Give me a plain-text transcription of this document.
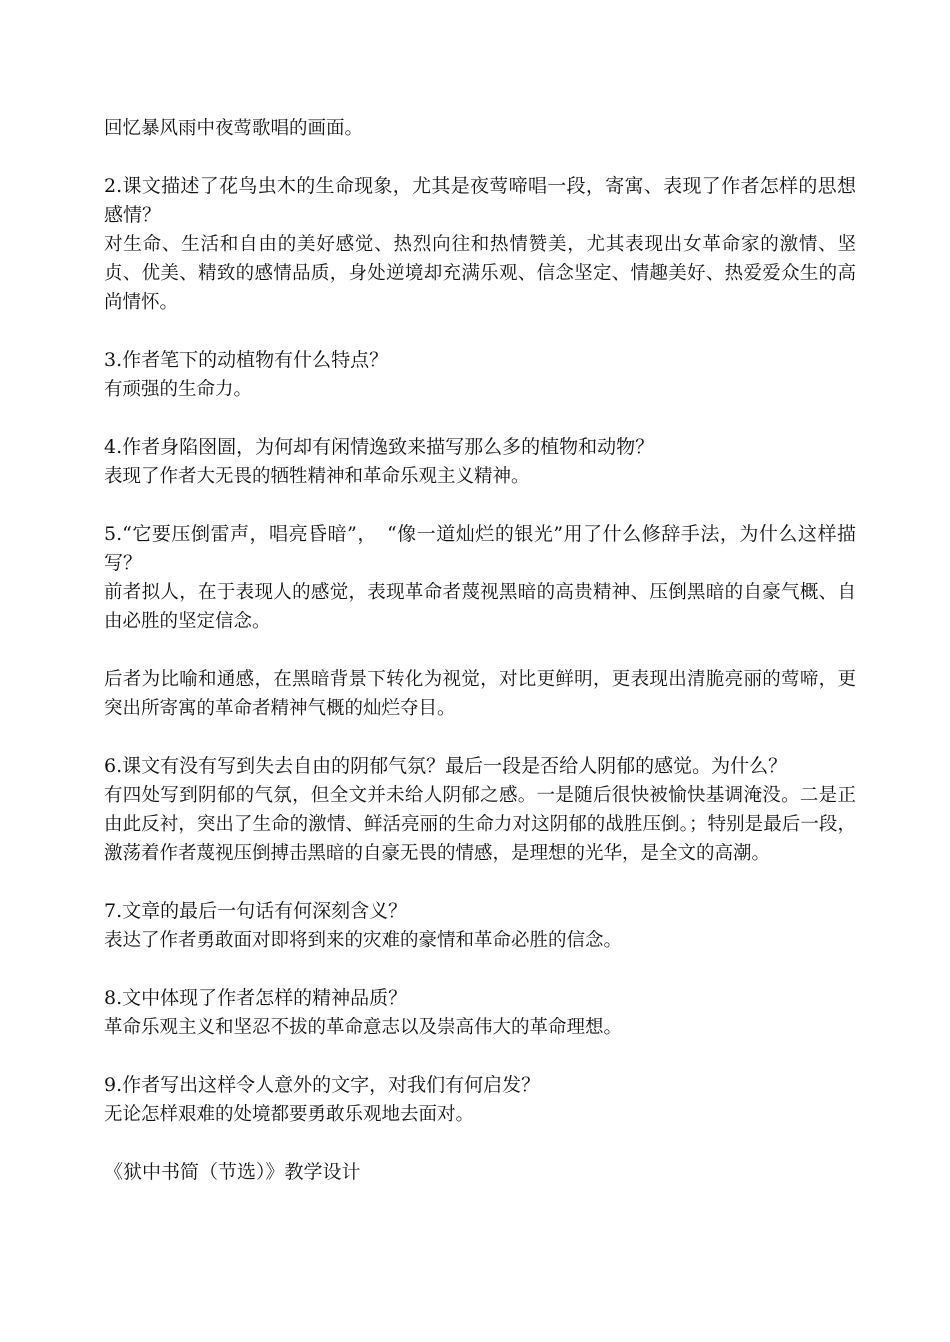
回忆暴风雨中夜莺歌唱的画面。

2.课文描述了花鸟虫木的生命现象，尤其是夜莺啼唱一段，寄寓、表现了作者怎样的思想感情？

对生命、生活和自由的美好感觉、热烈向往和热情赞美，尤其表现出女革命家的激情、坚贞、优美、精致的感情品质，身处逆境却充满乐观、信念坚定、情趣美好、热爱爱众生的高尚情怀。

3.作者笔下的动植物有什么特点？

有顽强的生命力。

4.作者身陷囹圄，为何却有闲情逸致来描写那么多的植物和动物？

表现了作者大无畏的牺牲精神和革命乐观主义精神。

5.“它要压倒雷声，唱亮昏暗”，　“像一道灿烂的银光”用了什么修辞手法，为什么这样描写？

前者拟人，在于表现人的感觉，表现革命者蔑视黑暗的高贵精神、压倒黑暗的自豪气概、自由必胜的坚定信念。

后者为比喻和通感，在黑暗背景下转化为视觉，对比更鲜明，更表现出清脆亮丽的莺啼，更突出所寄寓的革命者精神气概的灿烂夺目。

6.课文有没有写到失去自由的阴郁气氛？最后一段是否给人阴郁的感觉。为什么？

有四处写到阴郁的气氛，但全文并未给人阴郁之感。一是随后很快被愉快基调淹没。二是正由此反衬，突出了生命的激情、鲜活亮丽的生命力对这阴郁的战胜压倒。；特别是最后一段，激荡着作者蔑视压倒搏击黑暗的自豪无畏的情感，是理想的光华，是全文的高潮。

7.文章的最后一句话有何深刻含义？

表达了作者勇敢面对即将到来的灾难的豪情和革命必胜的信念。

8.文中体现了作者怎样的精神品质？

革命乐观主义和坚忍不拔的革命意志以及崇高伟大的革命理想。

9.作者写出这样令人意外的文字，对我们有何启发？

无论怎样艰难的处境都要勇敢乐观地去面对。

《狱中书简（节选）》教学设计
